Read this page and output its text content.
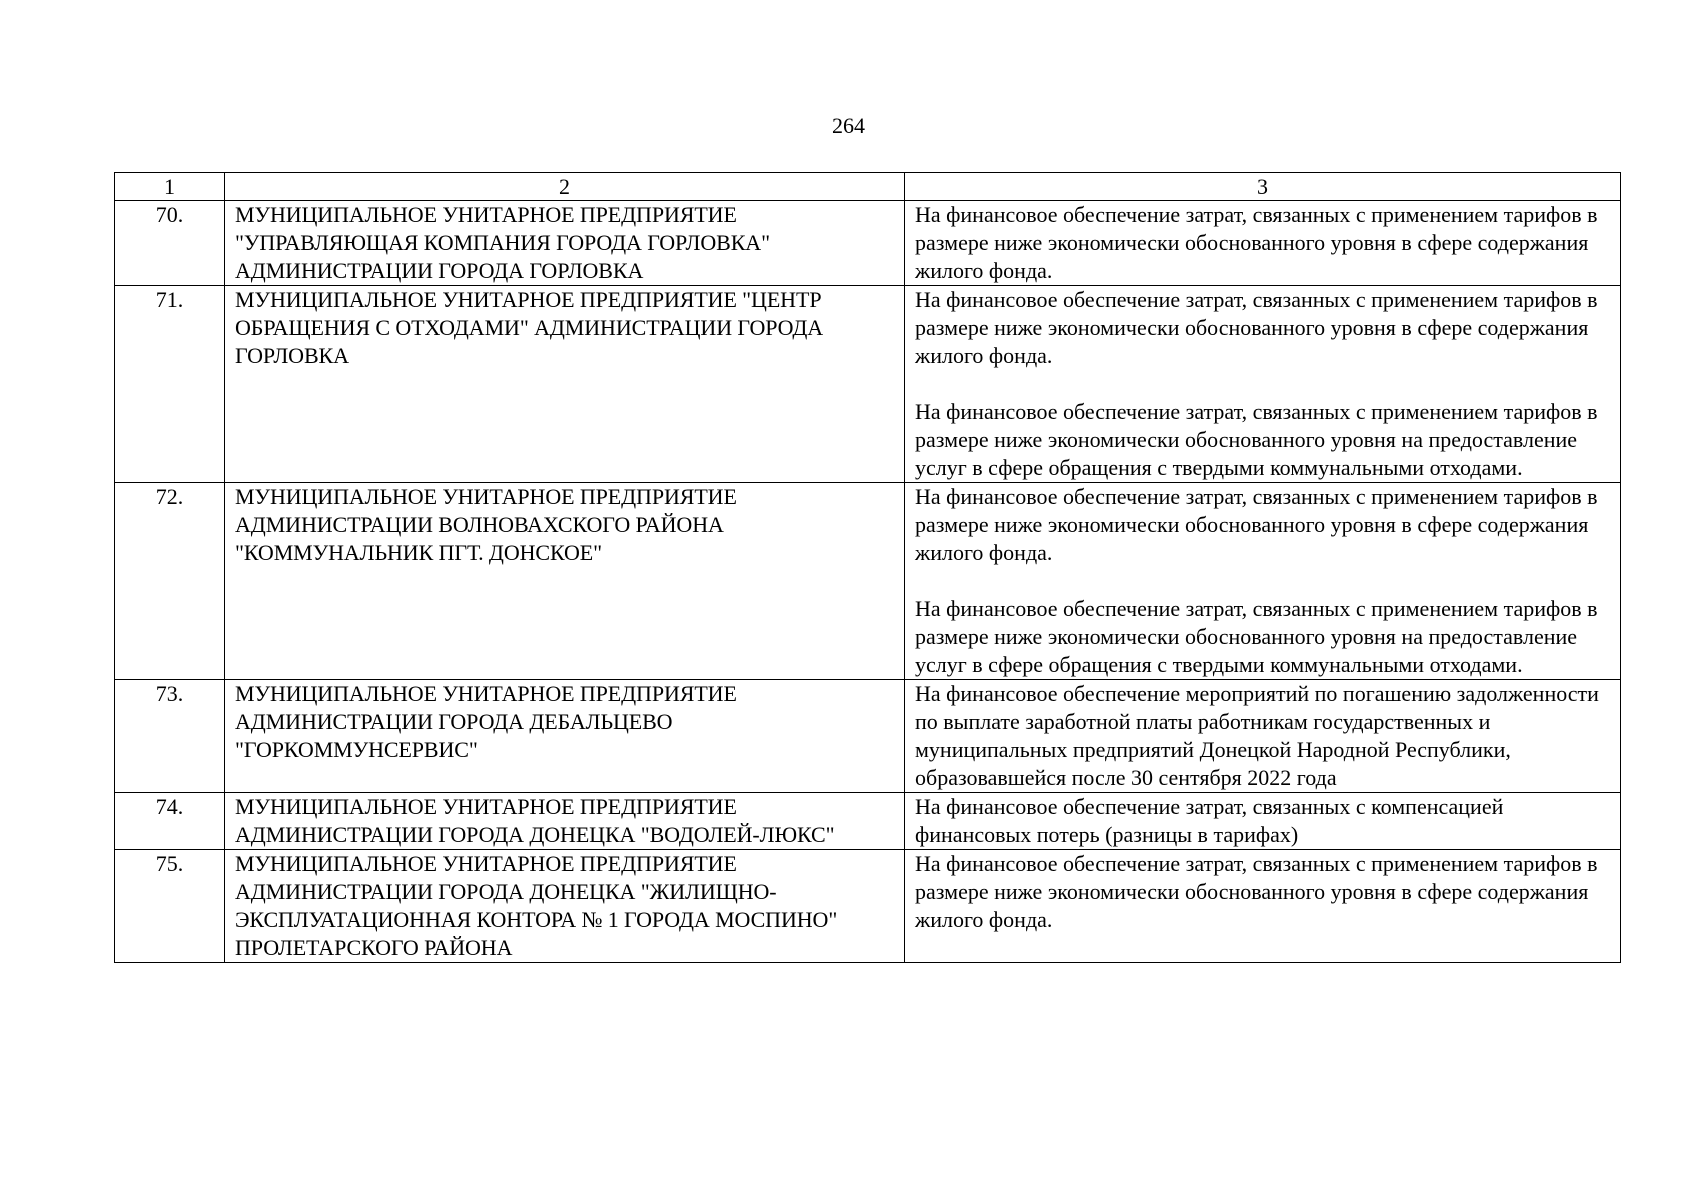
264
1	2	3
70.	МУНИЦИПАЛЬНОЕ УНИТАРНОЕ ПРЕДПРИЯТИЕ "УПРАВЛЯЮЩАЯ КОМПАНИЯ ГОРОДА ГОРЛОВКА" АДМИНИСТРАЦИИ ГОРОДА ГОРЛОВКА	На финансовое обеспечение затрат, связанных с применением тарифов в размере ниже экономически обоснованного уровня в сфере содержания жилого фонда.

71.	МУНИЦИПАЛЬНОЕ УНИТАРНОЕ ПРЕДПРИЯТИЕ "ЦЕНТР ОБРАЩЕНИЯ С ОТХОДАМИ" АДМИНИСТРАЦИИ ГОРОДА ГОРЛОВКА	На финансовое обеспечение затрат, связанных с применением тарифов в размере ниже экономически обоснованного уровня в сфере содержания жилого фонда.
На финансовое обеспечение затрат, связанных с применением тарифов в размере ниже экономически обоснованного уровня на предоставление услуг в сфере обращения с твердыми коммунальными отходами.

72.	МУНИЦИПАЛЬНОЕ УНИТАРНОЕ ПРЕДПРИЯТИЕ АДМИНИСТРАЦИИ ВОЛНОВАХСКОГО РАЙОНА "КОММУНАЛЬНИК ПГТ. ДОНСКОЕ"	На финансовое обеспечение затрат, связанных с применением тарифов в размере ниже экономически обоснованного уровня в сфере содержания жилого фонда.
На финансовое обеспечение затрат, связанных с применением тарифов в размере ниже экономически обоснованного уровня на предоставление услуг в сфере обращения с твердыми коммунальными отходами.

73.	МУНИЦИПАЛЬНОЕ УНИТАРНОЕ ПРЕДПРИЯТИЕ АДМИНИСТРАЦИИ ГОРОДА ДЕБАЛЬЦЕВО "ГОРКОММУНСЕРВИС"	На финансовое обеспечение мероприятий по погашению задолженности по выплате заработной платы работникам государственных и муниципальных предприятий Донецкой Народной Республики, образовавшейся после 30 сентября 2022 года

74.	МУНИЦИПАЛЬНОЕ УНИТАРНОЕ ПРЕДПРИЯТИЕ АДМИНИСТРАЦИИ ГОРОДА ДОНЕЦКА "ВОДОЛЕЙ-ЛЮКС"	На финансовое обеспечение затрат, связанных с компенсацией финансовых потерь (разницы в тарифах)

75.	МУНИЦИПАЛЬНОЕ УНИТАРНОЕ ПРЕДПРИЯТИЕ АДМИНИСТРАЦИИ ГОРОДА ДОНЕЦКА "ЖИЛИЩНО-ЭКСПЛУАТАЦИОННАЯ КОНТОРА № 1 ГОРОДА МОСПИНО" ПРОЛЕТАРСКОГО РАЙОНА	На финансовое обеспечение затрат, связанных с применением тарифов в размере ниже экономически обоснованного уровня в сфере содержания жилого фонда.
